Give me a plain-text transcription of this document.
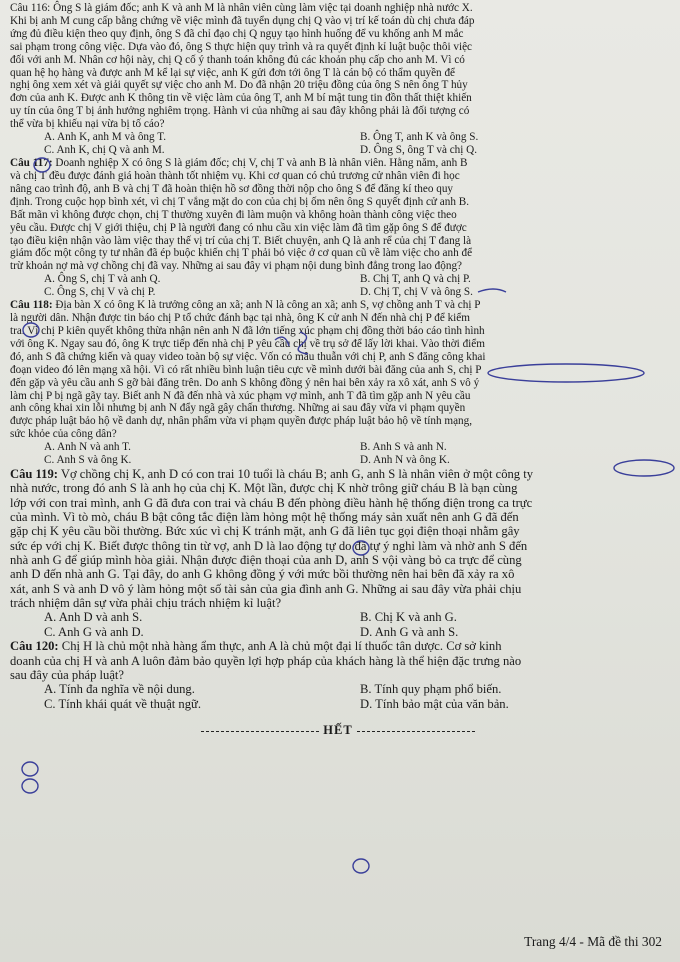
Câu 116: Ông S là giám đốc; anh K và anh M là nhân viên cùng làm việc tại doanh nghiệp nhà nước X.

Khi bị anh M cung cấp bằng chứng về việc mình đã tuyển dụng chị Q vào vị trí kế toán dù chị chưa đáp

ứng đủ điều kiện theo quy định, ông S đã chỉ đạo chị Q ngụy tạo hình huống để vu khống anh M mắc

sai phạm trong công việc. Dựa vào đó, ông S thực hiện quy trình và ra quyết định kỉ luật buộc thôi việc

đối với anh M. Nhân cơ hội này, chị Q cố ý thanh toán không đủ các khoản phụ cấp cho anh M. Vì có

quan hệ họ hàng và được anh M kể lại sự việc, anh K gửi đơn tới ông T là cán bộ có thẩm quyền để

nghị ông xem xét và giải quyết sự việc cho anh M. Do đã nhận 20 triệu đồng của ông S nên ông T hủy

đơn của anh K. Được anh K thông tin về việc làm của ông T, anh M bí mật tung tin đồn thất thiệt khiến

uy tín của ông T bị ảnh hưởng nghiêm trọng. Hành vi của những ai sau đây không phải là đối tượng có

thể vừa bị khiếu nại vừa bị tố cáo?

A. Anh K, anh M và ông T.	B. Ông T, anh K và ông S.
C. Anh K, chị Q và anh M.	D. Ông S, ông T và chị Q.

Câu 117: Doanh nghiệp X có ông S là giám đốc; chị V, chị T và anh B là nhân viên. Hằng năm, anh B

và chị T đều được đánh giá hoàn thành tốt nhiệm vụ. Khi cơ quan có chủ trương cử nhân viên đi học

nâng cao trình độ, anh B và chị T đã hoàn thiện hồ sơ đồng thời nộp cho ông S để đăng kí theo quy

định. Trong cuộc họp bình xét, vì chị T vắng mặt do con của chị bị ốm nên ông S quyết định cử anh B.

Bất mãn vì không được chọn, chị T thường xuyên đi làm muộn và không hoàn thành công việc theo

yêu cầu. Được chị V giới thiệu, chị P là người đang có nhu cầu xin việc làm đã tìm gặp ông S để được

tạo điều kiện nhận vào làm việc thay thế vị trí của chị T. Biết chuyện, anh Q là anh rể của chị T đang là

giám đốc một công ty tư nhân đã ép buộc khiến chị T phải bỏ việc ở cơ quan cũ về làm việc cho anh để

trừ khoản nợ mà vợ chồng chị đã vay. Những ai sau đây vi phạm nội dung bình đẳng trong lao động?

A. Ông S, chị T và anh Q.	B. Chị T, anh Q và chị P.
C. Ông S, chị V và chị P.	D. Chị T, chị V và ông S.

Câu 118: Địa bàn X có ông K là trưởng công an xã; anh N là công an xã; anh S, vợ chồng anh T và chị P

là người dân. Nhận được tin báo chị P tổ chức đánh bạc tại nhà, ông K cử anh N đến nhà chị P để kiểm

tra. Vì chị P kiên quyết không thừa nhận nên anh N đã lớn tiếng xúc phạm chị đồng thời báo cáo tình hình

với ông K. Ngay sau đó, ông K trực tiếp đến nhà chị P yêu cầu chị về trụ sở để lấy lời khai. Vào thời điểm

đó, anh S đã chứng kiến và quay video toàn bộ sự việc. Vốn có mâu thuẫn với chị P, anh S đăng công khai

đoạn video đó lên mạng xã hội. Vì có rất nhiều bình luận tiêu cực về mình dưới bài đăng của anh S, chị P

đến gặp và yêu cầu anh S gỡ bài đăng trên. Do anh S không đồng ý nên hai bên xảy ra xô xát, anh S vô ý

làm chị P bị ngã gãy tay. Biết anh N đã đến nhà và xúc phạm vợ mình, anh T đã tìm gặp anh N yêu cầu

anh công khai xin lỗi nhưng bị anh N đẩy ngã gây chấn thương. Những ai sau đây vừa vi phạm quyền

được pháp luật bảo hộ về danh dự, nhân phẩm vừa vi phạm quyền được pháp luật bảo hộ về tính mạng,

sức khỏe của công dân?

A. Anh N và anh T.	B. Anh S và anh N.
C. Anh S và ông K.	D. Anh N và ông K.

Câu 119: Vợ chồng chị K, anh D có con trai 10 tuổi là cháu B; anh G, anh S là nhân viên ở một công ty

nhà nước, trong đó anh S là anh họ của chị K. Một lần, được chị K nhờ trông giữ cháu B là bạn cùng

lớp với con trai mình, anh G đã đưa con trai và cháu B đến phòng điều hành hệ thống điện trong ca trực

của mình. Vì tò mò, cháu B bật công tắc điện làm hỏng một hệ thống máy sản xuất nên anh G đã đến

gặp chị K yêu cầu bồi thường. Bức xúc vì chị K tránh mặt, anh G đã liên tục gọi điện thoại nhằm gây

sức ép với chị K. Biết được thông tin từ vợ, anh D là lao động tự do đã tự ý nghỉ làm và nhờ anh S đến

nhà anh G để giúp mình hòa giải. Nhận được điện thoại của anh D, anh S vội vàng bỏ ca trực để cùng

anh D đến nhà anh G. Tại đây, do anh G không đồng ý với mức bồi thường nên hai bên đã xảy ra xô

xát, anh S và anh D vô ý làm hỏng một số tài sản của gia đình anh G. Những ai sau đây vừa phải chịu

trách nhiệm dân sự vừa phải chịu trách nhiệm kỉ luật?

A. Anh D và anh S.	B. Chị K và anh G.
C. Anh G và anh D.	D. Anh G và anh S.

Câu 120: Chị H là chủ một nhà hàng ẩm thực, anh A là chủ một đại lí thuốc tân dược. Cơ sở kinh

doanh của chị H và anh A luôn đảm bảo quyền lợi hợp pháp của khách hàng là thể hiện đặc trưng nào

sau đây của pháp luật?

A. Tính đa nghĩa về nội dung.	B. Tính quy phạm phổ biến.
C. Tính khái quát về thuật ngữ.	D. Tính bảo mật của văn bản.
HẾT
Trang 4/4 - Mã đề thi 302
